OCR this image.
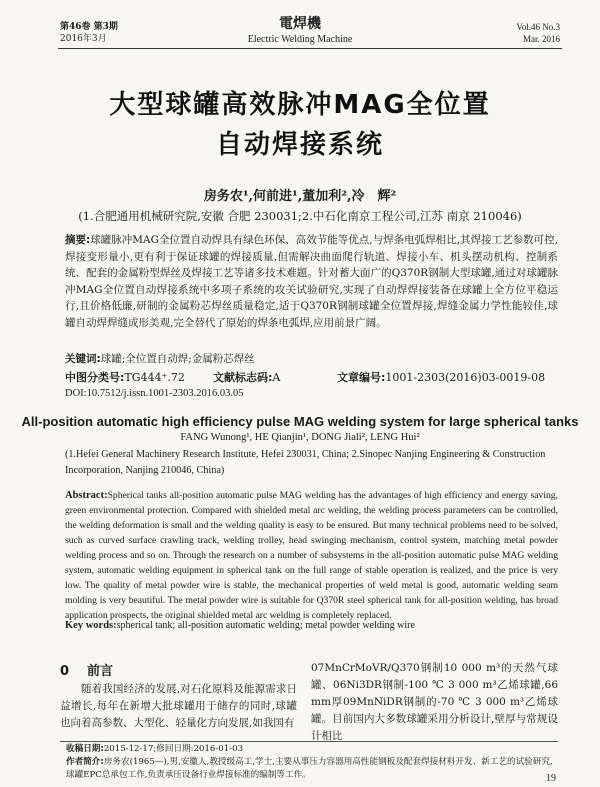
第46卷 第3期
2016年3月
電焊機
Electric Welding Machine
Vol.46 No.3
Mar. 2016
大型球罐高效脉冲MAG全位置
自动焊接系统
房务农¹,何前进¹,董加利²,冷　辉²
(1.合肥通用机械研究院,安徽 合肥 230031;2.中石化南京工程公司,江苏 南京 210046)
摘要:球罐脉冲MAG全位置自动焊具有绿色环保、高效节能等优点,与焊条电弧焊相比,其焊接工艺参数可控,焊接变形量小,更有利于保证球罐的焊接质量,但需解决曲面爬行轨道、焊接小车、机头摆动机构、控制系统、配套的金属粉型焊丝及焊接工艺等诸多技术难题。针对蓄大面广的Q370R钢制大型球罐,通过对球罐脉冲MAG全位置自动焊接系统中多项子系统的攻关试验研究,实现了自动焊焊接装备在球罐上全方位平稳运行,且价格低廉,研制的金属粉芯焊丝质量稳定,适于Q370R钢制球罐全位置焊接,焊缝金属力学性能较佳,球罐自动焊焊缝成形美观,完全替代了原始的焊条电弧焊,应用前景广阔。
关键词:球罐;全位置自动焊;金属粉芯焊丝
中图分类号:TG444⁺.72	文献标志码:A	文章编号:1001-2303(2016)03-0019-08
DOI:10.7512/j.issn.1001-2303.2016.03.05
All-position automatic high efficiency pulse MAG welding system for large spherical tanks
FANG Wunong¹, HE Qianjin¹, DONG Jiali², LENG Hui²
(1.Hefei General Machinery Research Institute, Hefei 230031, China; 2.Sinopec Nanjing Engineering & Construction Incorporation, Nanjing 210046, China)
Abstract:Spherical tanks all-position automatic pulse MAG welding has the advantages of high efficiency and energy saving, green environmental protection. Compared with shielded metal arc welding, the welding process parameters can be controlled, the welding deformation is small and the welding quality is easy to be ensured. But many technical problems need to be solved, such as curved surface crawling track, welding trolley, head swinging mechanism, control system, matching metal powder welding process and so on. Through the research on a number of subsystems in the all-position automatic pulse MAG welding system, automatic welding equipment in spherical tank on the full range of stable operation is realized, and the price is very low. The quality of metal powder wire is stable, the mechanical properties of weld metal is good, automatic welding seam molding is very beautiful. The metal powder wire is suitable for Q370R steel spherical tank for all-position welding, has broad application prospects, the original shielded metal arc welding is completely replaced.
Key words:spherical tank; all-position automatic welding; metal powder welding wire
0 前言
随着我国经济的发展,对石化原料及能源需求日益增长,每年在新增大批球罐用于储存的同时,球罐也向着高参数、大型化、轻量化方向发展,如我国有
07MnCrMoVR/Q370钢制10 000 m³的天然气球罐、06Ni3DR钢制-100 ℃ 3 000 m³乙烯球罐,66 mm厚09MnNiDR钢制的-70 ℃ 3 000 m³乙烯球罐。目前国内大多数球罐采用分析设计,壁厚与常规设计相比
收稿日期:2015-12-17;修回日期:2016-01-03
作者简介:房务农(1965—),男,安徽人,教授级高工,学士,主要从事压力容器用高性能钢板及配套焊接材料开发、新工艺的试验研究,球罐EPC总承包工作,负责承压设备行业焊接标准的编制等工作。	19
